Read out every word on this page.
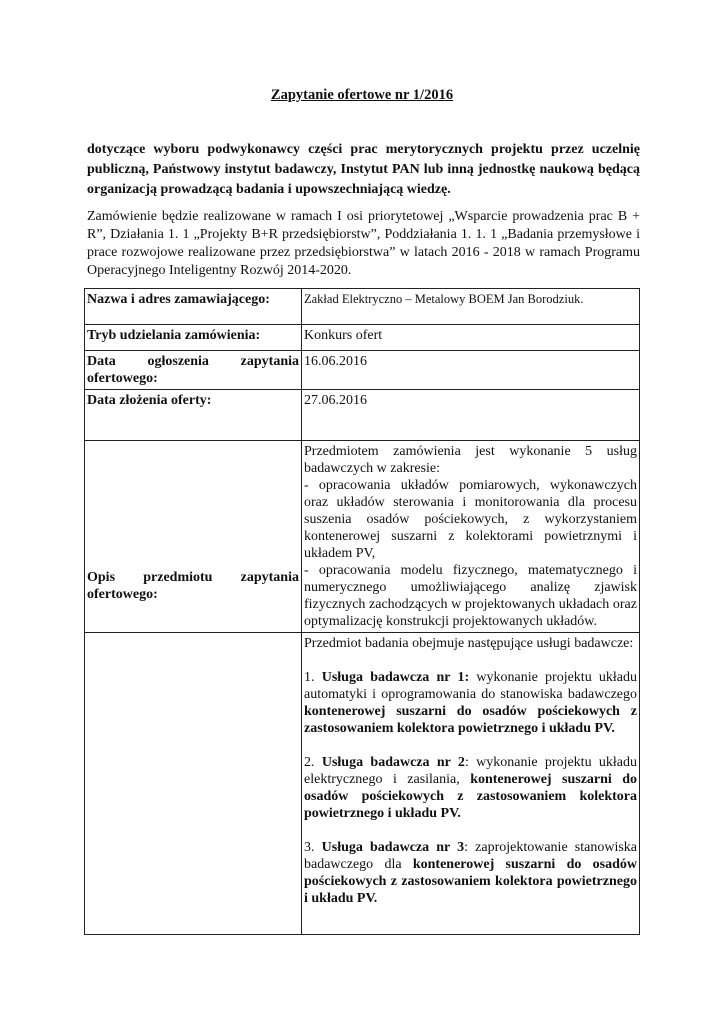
Zapytanie ofertowe nr 1/2016
dotyczące wyboru podwykonawcy części prac merytorycznych projektu przez uczelnię publiczną, Państwowy instytut badawczy, Instytut PAN lub inną jednostkę naukową będącą organizacją prowadzącą badania i upowszechniającą wiedzę.
Zamówienie będzie realizowane w ramach I osi priorytetowej „Wsparcie prowadzenia prac B + R”, Działania 1. 1 „Projekty B+R przedsiębiorstw”, Poddziałania 1. 1. 1 „Badania przemysłowe i prace rozwojowe realizowane przez przedsiębiorstwa” w latach 2016 - 2018 w ramach Programu Operacyjnego Inteligentny Rozwój 2014-2020.
Nazwa i adres zamawiającego:	Zakład Elektryczno – Metalowy BOEM Jan Borodziuk.
Tryb udzielania zamówienia:	Konkurs ofert
Data ogłoszenia zapytania ofertowego:	16.06.2016
Data złożenia oferty:	27.06.2016
Opis przedmiotu zapytania ofertowego:	Przedmiotem zamówienia jest wykonanie 5 usług badawczych w zakresie:
- opracowania układów pomiarowych, wykonawczych oraz układów sterowania i monitorowania dla procesu suszenia osadów pościekowych, z wykorzystaniem kontenerowej suszarni z kolektorami powietrznymi i układem PV,
- opracowania modelu fizycznego, matematycznego i numerycznego umożliwiającego analizę zjawisk fizycznych zachodzących w projektowanych układach oraz optymalizację konstrukcji projektowanych układów.

	Przedmiot badania obejmuje następujące usługi badawcze:
1. Usługa badawcza nr 1: wykonanie projektu układu automatyki i oprogramowania do stanowiska badawczego kontenerowej suszarni do osadów pościekowych z zastosowaniem kolektora powietrznego i układu PV.
2. Usługa badawcza nr 2: wykonanie projektu układu elektrycznego i zasilania, kontenerowej suszarni do osadów pościekowych z zastosowaniem kolektora powietrznego i układu PV.
3. Usługa badawcza nr 3: zaprojektowanie stanowiska badawczego dla kontenerowej suszarni do osadów pościekowych z zastosowaniem kolektora powietrznego i układu PV.
